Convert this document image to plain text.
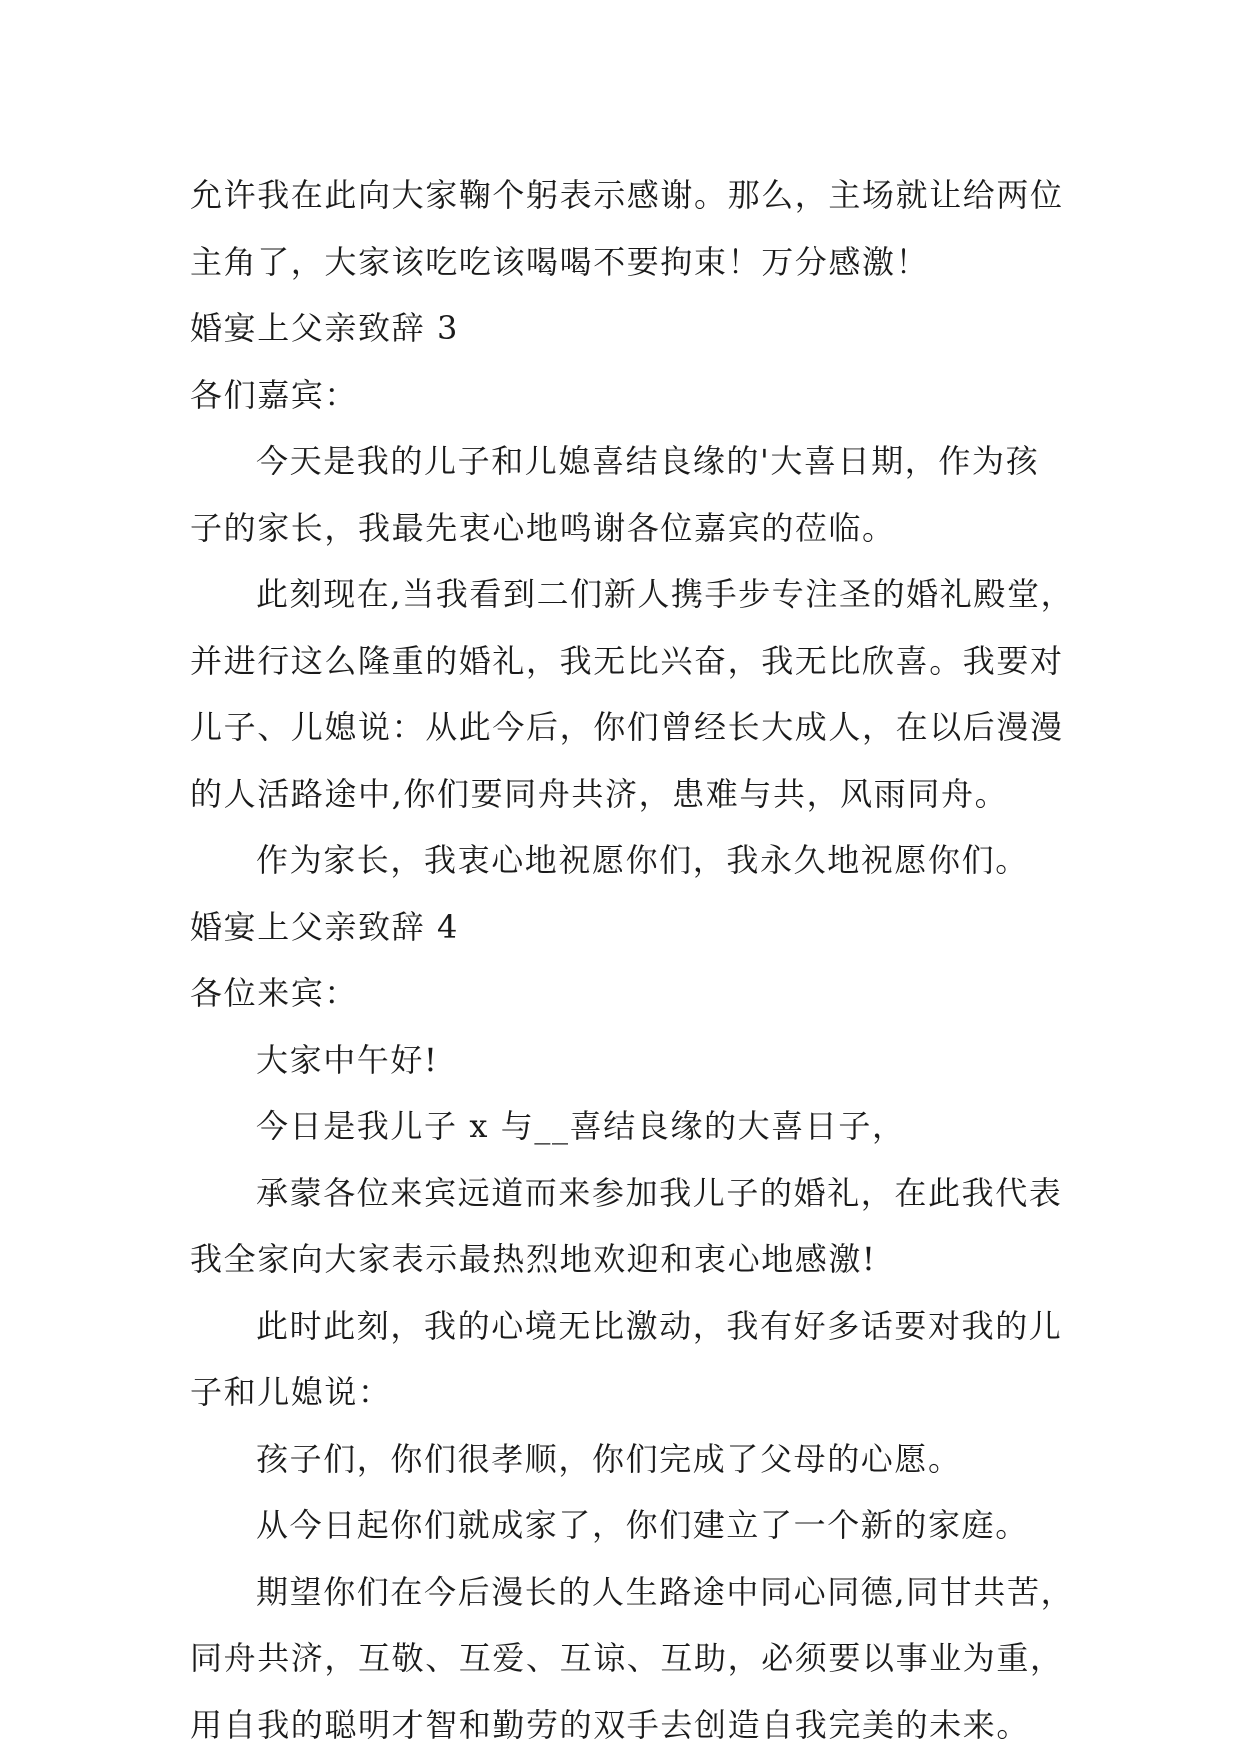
允许我在此向大家鞠个躬表示感谢。那么，主场就让给两位
主角了，大家该吃吃该喝喝不要拘束！万分感激！
婚宴上父亲致辞 3
各们嘉宾：
今天是我的儿子和儿媳喜结良缘的'大喜日期，作为孩
子的家长，我最先衷心地鸣谢各位嘉宾的莅临。
此刻现在,当我看到二们新人携手步专注圣的婚礼殿堂，
并进行这么隆重的婚礼，我无比兴奋，我无比欣喜。我要对
儿子、儿媳说：从此今后，你们曾经长大成人，在以后漫漫
的人活路途中,你们要同舟共济，患难与共，风雨同舟。
作为家长，我衷心地祝愿你们，我永久地祝愿你们。
婚宴上父亲致辞 4
各位来宾：
大家中午好!
今日是我儿子 x 与__喜结良缘的大喜日子，
承蒙各位来宾远道而来参加我儿子的婚礼，在此我代表
我全家向大家表示最热烈地欢迎和衷心地感激!
此时此刻，我的心境无比激动，我有好多话要对我的儿
子和儿媳说：
孩子们，你们很孝顺，你们完成了父母的心愿。
从今日起你们就成家了，你们建立了一个新的家庭。
期望你们在今后漫长的人生路途中同心同德,同甘共苦，
同舟共济，互敬、互爱、互谅、互助，必须要以事业为重，
用自我的聪明才智和勤劳的双手去创造自我完美的未来。
